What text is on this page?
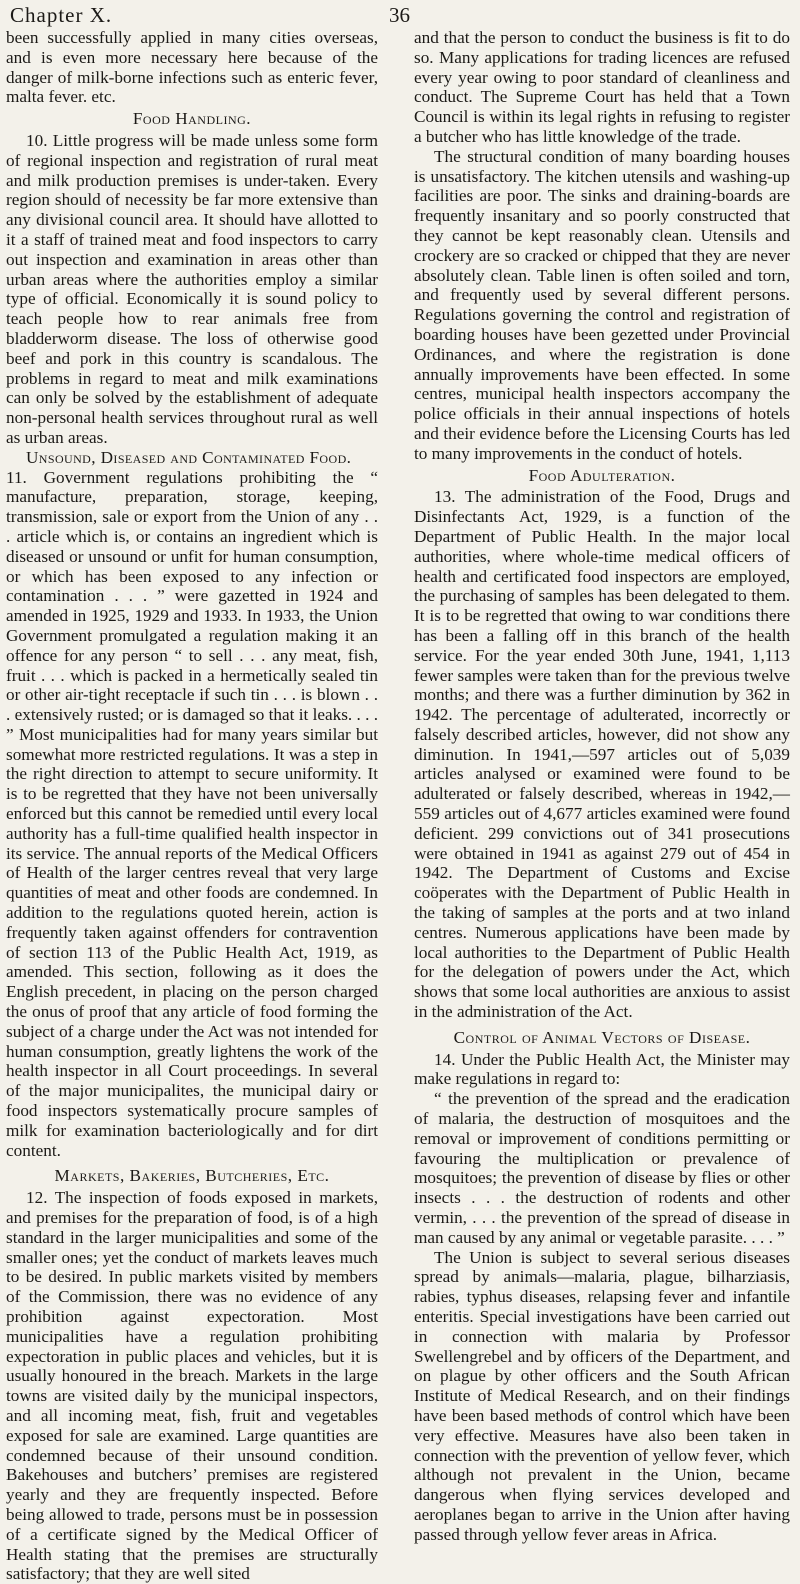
Chapter X.	36

been successfully applied in many cities overseas, and is even more necessary here because of the danger of milk-borne infections such as enteric fever, malta fever. etc.

Food Handling.

10. Little progress will be made unless some form of regional inspection and registration of rural meat and milk production premises is under-taken. Every region should of necessity be far more extensive than any divisional council area. It should have allotted to it a staff of trained meat and food inspectors to carry out inspection and examination in areas other than urban areas where the authorities employ a similar type of official. Economically it is sound policy to teach people how to rear animals free from bladderworm disease. The loss of otherwise good beef and pork in this country is scandalous. The problems in regard to meat and milk examinations can only be solved by the establishment of adequate non-personal health services throughout rural as well as urban areas.

Unsound, Diseased and Contaminated Food.
11. Government regulations prohibiting the “ manufacture, preparation, storage, keeping, transmission, sale or export from the Union of any . . . article which is, or contains an ingredient which is diseased or unsound or unfit for human consumption, or which has been exposed to any infection or contamination . . . ” were gazetted in 1924 and amended in 1925, 1929 and 1933. In 1933, the Union Government promulgated a regulation making it an offence for any person “ to sell . . . any meat, fish, fruit . . . which is packed in a hermetically sealed tin or other air-tight receptacle if such tin . . . is blown . . . extensively rusted; or is damaged so that it leaks. . . . ” Most municipalities had for many years similar but somewhat more restricted regulations. It was a step in the right direction to attempt to secure uniformity. It is to be regretted that they have not been universally enforced but this cannot be remedied until every local authority has a full-time qualified health inspector in its service. The annual reports of the Medical Officers of Health of the larger centres reveal that very large quantities of meat and other foods are condemned. In addition to the regulations quoted herein, action is frequently taken against offenders for contravention of section 113 of the Public Health Act, 1919, as amended. This section, following as it does the English precedent, in placing on the person charged the onus of proof that any article of food forming the subject of a charge under the Act was not intended for human consumption, greatly lightens the work of the health inspector in all Court proceedings. In several of the major municipalites, the municipal dairy or food inspectors systematically procure samples of milk for examination bacteriologically and for dirt content.

Markets, Bakeries, Butcheries, Etc.

12. The inspection of foods exposed in markets, and premises for the preparation of food, is of a high standard in the larger municipalities and some of the smaller ones; yet the conduct of markets leaves much to be desired. In public markets visited by members of the Commission, there was no evidence of any prohibition against expectoration. Most municipalities have a regulation prohibiting expectoration in public places and vehicles, but it is usually honoured in the breach. Markets in the large towns are visited daily by the municipal inspectors, and all incoming meat, fish, fruit and vegetables exposed for sale are examined. Large quantities are condemned because of their unsound condition. Bakehouses and butchers’ premises are registered yearly and they are frequently inspected. Before being allowed to trade, persons must be in possession of a certificate signed by the Medical Officer of Health stating that the premises are structurally satisfactory; that they are well sited

and that the person to conduct the business is fit to do so. Many applications for trading licences are refused every year owing to poor standard of cleanliness and conduct. The Supreme Court has held that a Town Council is within its legal rights in refusing to register a butcher who has little knowledge of the trade.

The structural condition of many boarding houses is unsatisfactory. The kitchen utensils and washing-up facilities are poor. The sinks and draining-boards are frequently insanitary and so poorly constructed that they cannot be kept reasonably clean. Utensils and crockery are so cracked or chipped that they are never absolutely clean. Table linen is often soiled and torn, and frequently used by several different persons. Regulations governing the control and registration of boarding houses have been gezetted under Provincial Ordinances, and where the registration is done annually improvements have been effected. In some centres, municipal health inspectors accompany the police officials in their annual inspections of hotels and their evidence before the Licensing Courts has led to many improvements in the conduct of hotels.

Food Adulteration.

13. The administration of the Food, Drugs and Disinfectants Act, 1929, is a function of the Department of Public Health. In the major local authorities, where whole-time medical officers of health and certificated food inspectors are employed, the purchasing of samples has been delegated to them. It is to be regretted that owing to war conditions there has been a falling off in this branch of the health service. For the year ended 30th June, 1941, 1,113 fewer samples were taken than for the previous twelve months; and there was a further diminution by 362 in 1942. The percentage of adulterated, incorrectly or falsely described articles, however, did not show any diminution. In 1941,—597 articles out of 5,039 articles analysed or examined were found to be adulterated or falsely described, whereas in 1942,—559 articles out of 4,677 articles examined were found deficient. 299 convictions out of 341 prosecutions were obtained in 1941 as against 279 out of 454 in 1942. The Department of Customs and Excise coöperates with the Department of Public Health in the taking of samples at the ports and at two inland centres. Numerous applications have been made by local authorities to the Department of Public Health for the delegation of powers under the Act, which shows that some local authorities are anxious to assist in the administration of the Act.

Control of Animal Vectors of Disease.

14. Under the Public Health Act, the Minister may make regulations in regard to:

“ the prevention of the spread and the eradication of malaria, the destruction of mosquitoes and the removal or improvement of conditions permitting or favouring the multiplication or prevalence of mosquitoes; the prevention of disease by flies or other insects . . . the destruction of rodents and other vermin, . . . the prevention of the spread of disease in man caused by any animal or vegetable parasite. . . . ”

The Union is subject to several serious diseases spread by animals—malaria, plague, bilharziasis, rabies, typhus diseases, relapsing fever and infantile enteritis. Special investigations have been carried out in connection with malaria by Professor Swellengrebel and by officers of the Department, and on plague by other officers and the South African Institute of Medical Research, and on their findings have been based methods of control which have been very effective. Measures have also been taken in connection with the prevention of yellow fever, which although not prevalent in the Union, became dangerous when flying services developed and aeroplanes began to arrive in the Union after having passed through yellow fever areas in Africa.
